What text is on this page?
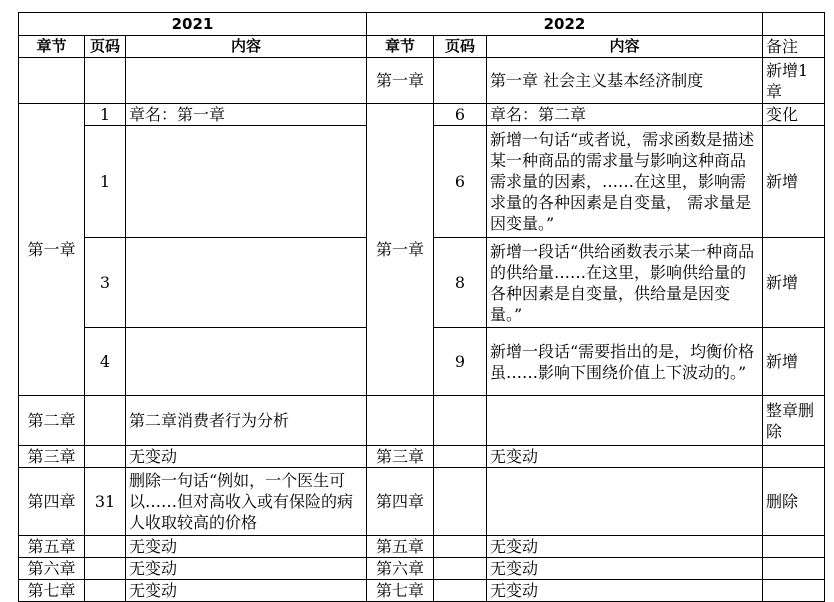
2021			2022			
章节	页码	内容	章节	页码	内容	备注
			第一章		第一章 社会主义基本经济制度	新增1章
第一章	1	章名：第一章	第一章	6	章名：第二章	变化
	1			6	新增一句话“或者说，需求函数是描述某一种商品的需求量与影响这种商品需求量的因素，……在这里，影响需求量的各种因素是自变量， 需求量是因变量。”	新增
	3			8	新增一段话“供给函数表示某一种商品的供给量……在这里，影响供给量的各种因素是自变量，供给量是因变量。”	新增
	4			9	新增一段话“需要指出的是，均衡价格虽……影响下围绕价值上下波动的。”	新增
第二章		第二章消费者行为分析				整章删除
第三章		无变动	第三章		无变动	
第四章	31	删除一句话“例如，一个医生可以……但对高收入或有保险的病人收取较高的价格	第四章			删除
第五章		无变动	第五章		无变动	
第六章		无变动	第六章		无变动	
第七章		无变动	第七章		无变动	
